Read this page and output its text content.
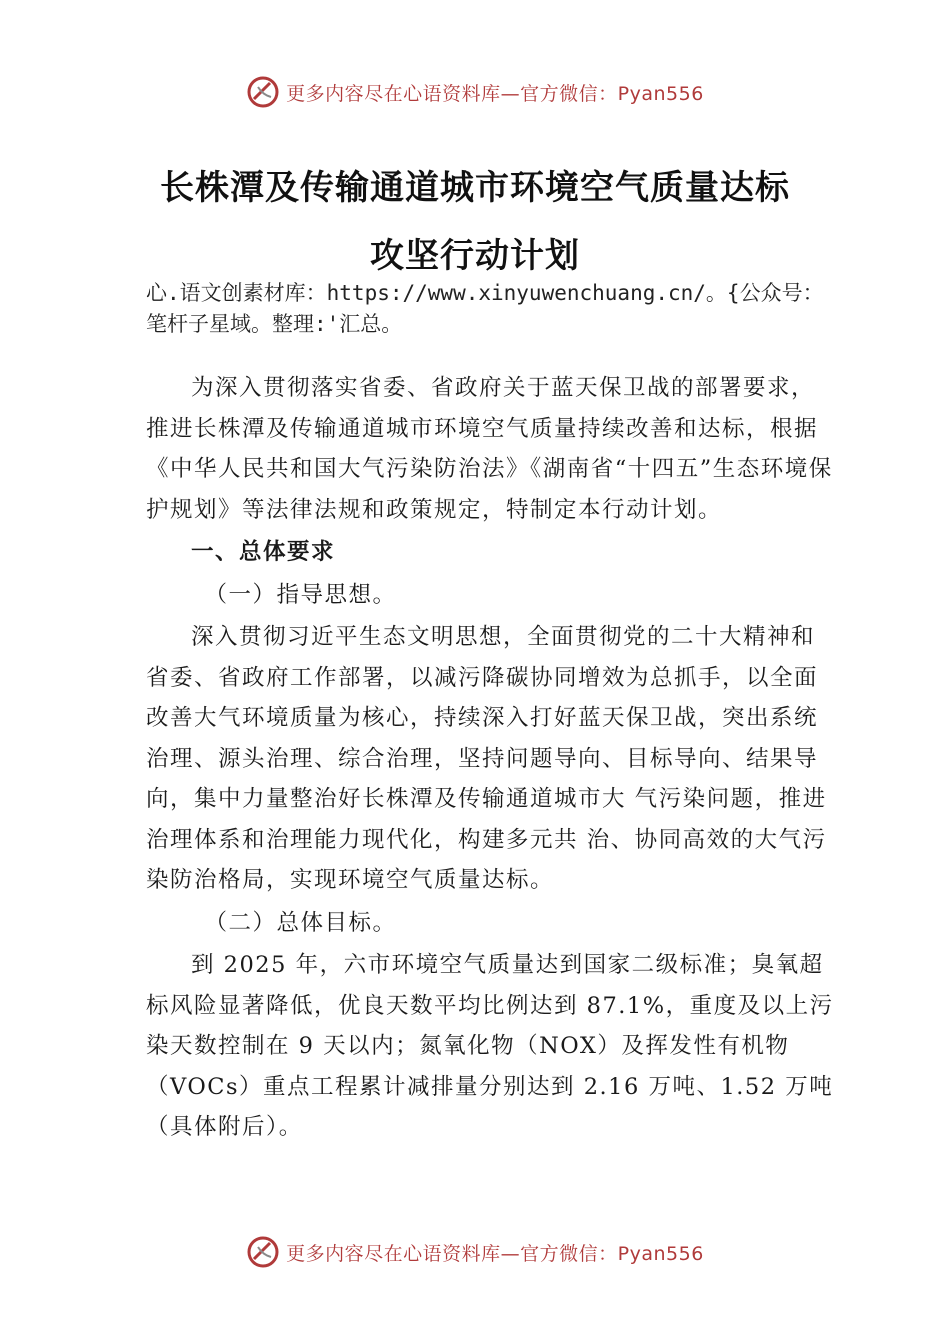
更多内容尽在心语资料库—官方微信：Pyan556
长株潭及传输通道城市环境空气质量达标
攻坚行动计划
心.语文创素材库：https://www.xinyuwenchuang.cn/。{公众号：笔杆子星域。整理:'汇总。

为深入贯彻落实省委、省政府关于蓝天保卫战的部署要求，推进长株潭及传输通道城市环境空气质量持续改善和达标，根据《中华人民共和国大气污染防治法》《湖南省“十四五”生态环境保护规划》等法律法规和政策规定，特制定本行动计划。

一、总体要求

（一）指导思想。

深入贯彻习近平生态文明思想，全面贯彻党的二十大精神和省委、省政府工作部署，以减污降碳协同增效为总抓手，以全面改善大气环境质量为核心，持续深入打好蓝天保卫战，突出系统治理、源头治理、综合治理，坚持问题导向、目标导向、结果导向，集中力量整治好长株潭及传输通道城市大 气污染问题，推进治理体系和治理能力现代化，构建多元共 治、协同高效的大气污染防治格局，实现环境空气质量达标。

（二）总体目标。

到 2025 年，六市环境空气质量达到国家二级标准；臭氧超标风险显著降低，优良天数平均比例达到 87.1%，重度及以上污染天数控制在 9 天以内；氮氧化物（NOX）及挥发性有机物（VOCs）重点工程累计减排量分别达到 2.16 万吨、1.52 万吨（具体附后）。

更多内容尽在心语资料库—官方微信：Pyan556
